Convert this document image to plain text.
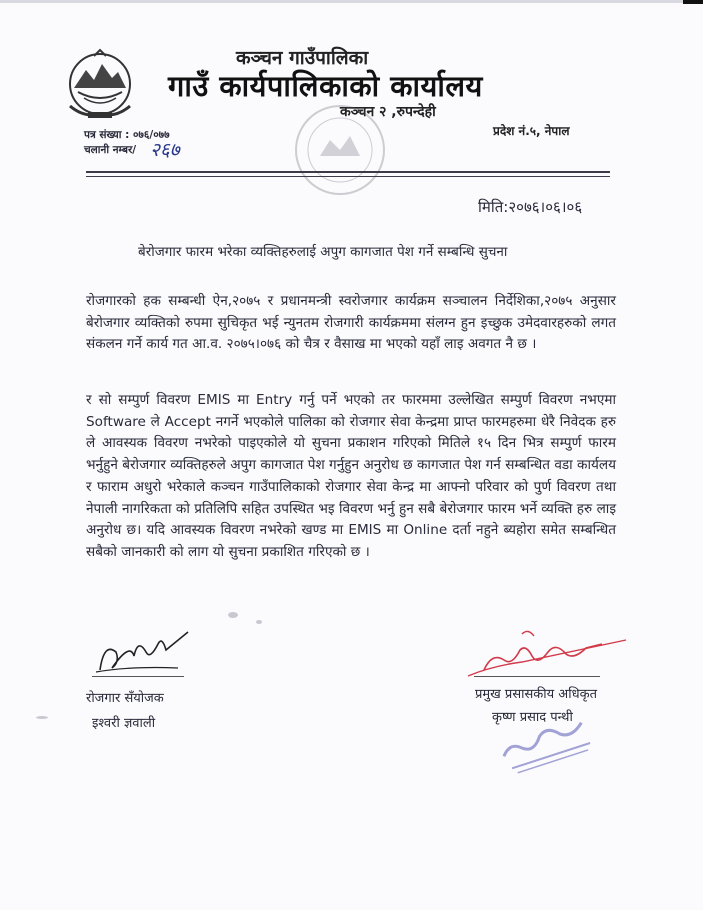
कञ्चन गाउँपालिका
गाउँ कार्यपालिकाको कार्यालय
कञ्चन २ ,रुपन्देही
प्रदेश नं.५, नेपाल
पत्र संख्या : ०७६/०७७
चलानी नम्बर/ २६७
मिति:२०७६।०६।०६
बेरोजगार फारम भरेका व्यक्तिहरुलाई अपुग कागजात पेश गर्ने सम्बन्धि सुचना
रोजगारको हक सम्बन्धी ऐन,२०७५ र प्रधानमन्त्री स्वरोजगार कार्यक्रम सञ्चालन निर्देशिका,२०७५ अनुसार बेरोजगार व्यक्तिको रुपमा सुचिकृत भई न्युनतम रोजगारी कार्यक्रममा संलग्न हुन इच्छुक उमेदवारहरुको लगत संकलन गर्ने कार्य गत आ.व. २०७५।०७६ को चैत्र र वैसाख मा भएको यहाँ लाइ अवगत नै छ ।
र सो सम्पुर्ण विवरण EMIS मा Entry गर्नु पर्ने भएको तर फारममा उल्लेखित सम्पुर्ण विवरण नभएमा Software ले Accept नगर्ने भएकोले पालिका को रोजगार सेवा केन्द्रमा प्राप्त फारमहरुमा धेरै निवेदक हरु ले आवस्यक विवरण नभरेको पाइएकोले यो सुचना प्रकाशन गरिएको मितिले १५ दिन भित्र सम्पुर्ण फारम भर्नुहुने बेरोजगार व्यक्तिहरुले अपुग कागजात पेश गर्नुहुन अनुरोध छ कागजात पेश गर्न सम्बन्धित वडा कार्यलय र फाराम अधुरो भरेकाले कञ्चन गाउँपालिकाको रोजगार सेवा केन्द्र मा आफ्नो परिवार को पुर्ण विवरण तथा नेपाली नागरिकता को प्रतिलिपि सहित उपस्थित भइ विवरण भर्नु हुन सबै बेरोजगार फारम भर्ने व्यक्ति हरु लाइ अनुरोध छ। यदि आवस्यक विवरण नभरेको खण्ड मा EMIS मा Online दर्ता नहुने ब्यहोरा समेत सम्बन्धित सबैको जानकारी को लाग यो सुचना प्रकाशित गरिएको छ ।
रोजगार सँयोजक
इश्वरी ज्ञवाली
प्रमुख प्रसासकीय अधिकृत
कृष्ण प्रसाद पन्थी
